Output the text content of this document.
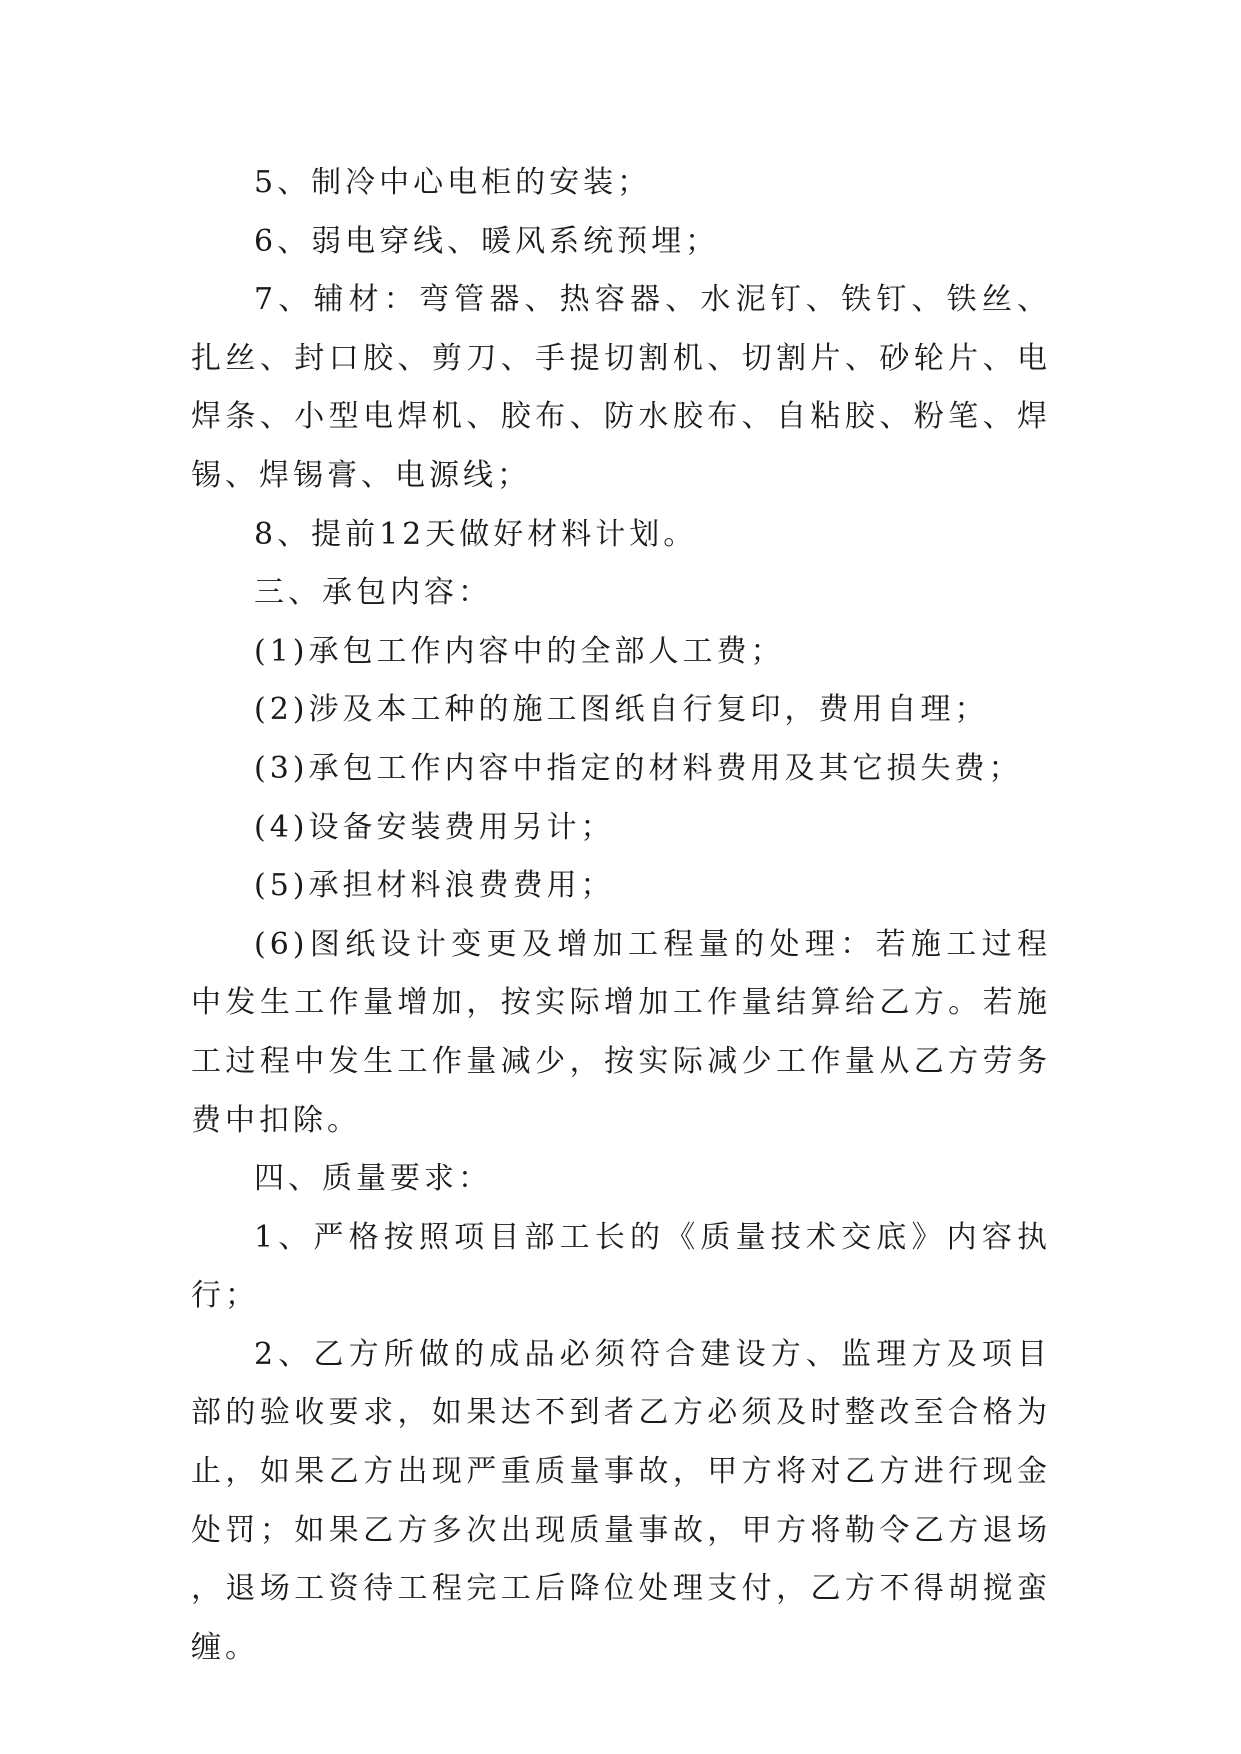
5、制冷中心电柜的安装；

6、弱电穿线、暖风系统预埋；

7、辅材：弯管器、热容器、水泥钉、铁钉、铁丝、扎丝、封口胶、剪刀、手提切割机、切割片、砂轮片、电焊条、小型电焊机、胶布、防水胶布、自粘胶、粉笔、焊锡、焊锡膏、电源线；

8、提前12天做好材料计划。

三、承包内容：

(1)承包工作内容中的全部人工费；

(2)涉及本工种的施工图纸自行复印，费用自理；

(3)承包工作内容中指定的材料费用及其它损失费；

(4)设备安装费用另计；

(5)承担材料浪费费用；

(6)图纸设计变更及增加工程量的处理：若施工过程中发生工作量增加，按实际增加工作量结算给乙方。若施工过程中发生工作量减少，按实际减少工作量从乙方劳务费中扣除。

四、质量要求：

1、严格按照项目部工长的《质量技术交底》内容执行；

2、乙方所做的成品必须符合建设方、监理方及项目部的验收要求，如果达不到者乙方必须及时整改至合格为止，如果乙方出现严重质量事故，甲方将对乙方进行现金处罚；如果乙方多次出现质量事故，甲方将勒令乙方退场，退场工资待工程完工后降位处理支付，乙方不得胡搅蛮缠。
